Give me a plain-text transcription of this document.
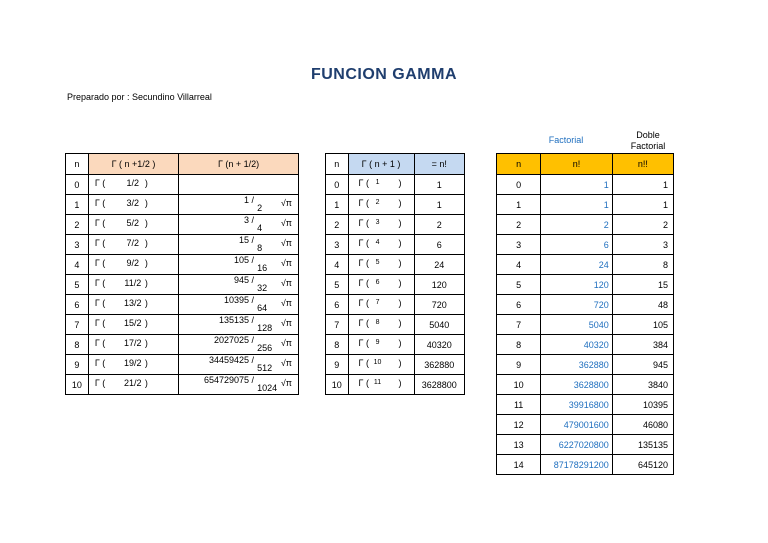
FUNCION GAMMA
Preparado por : Secundino Villarreal
Factorial	Doble Factorial
n	Γ ( n +1/2 )	Γ (n + 1/2)
0	Γ ( 1/2 )	

1	Γ ( 3/2 )	1 /
2 √π

2	Γ ( 5/2 )	3 /
4 √π

3	Γ ( 7/2 )	15 /
8 √π

4	Γ ( 9/2 )	105 /
16 √π

5	Γ ( 11/2 )	945 /
32 √π

6	Γ ( 13/2 )	10395 /
64 √π

7	Γ ( 15/2 )	135135 /
128 √π

8	Γ ( 17/2 )	2027025 /
256 √π

9	Γ ( 19/2 )	34459425 /
512 √π

10	Γ ( 21/2 )	654729075 /
1024 √π
n	Γ ( n + 1 )	= n!
0	Γ ( 1 )	1
1	Γ ( 2 )	1
2	Γ ( 3 )	2
3	Γ ( 4 )	6
4	Γ ( 5 )	24
5	Γ ( 6 )	120
6	Γ ( 7 )	720
7	Γ ( 8 )	5040
8	Γ ( 9 )	40320
9	Γ ( 10 )	362880
10	Γ ( 11 )	3628800
n	n!	n!!
0	1	1
1	1	1
2	2	2
3	6	3
4	24	8
5	120	15
6	720	48
7	5040	105
8	40320	384
9	362880	945
10	3628800	3840
11	39916800	10395
12	479001600	46080
13	6227020800	135135
14	87178291200	645120
